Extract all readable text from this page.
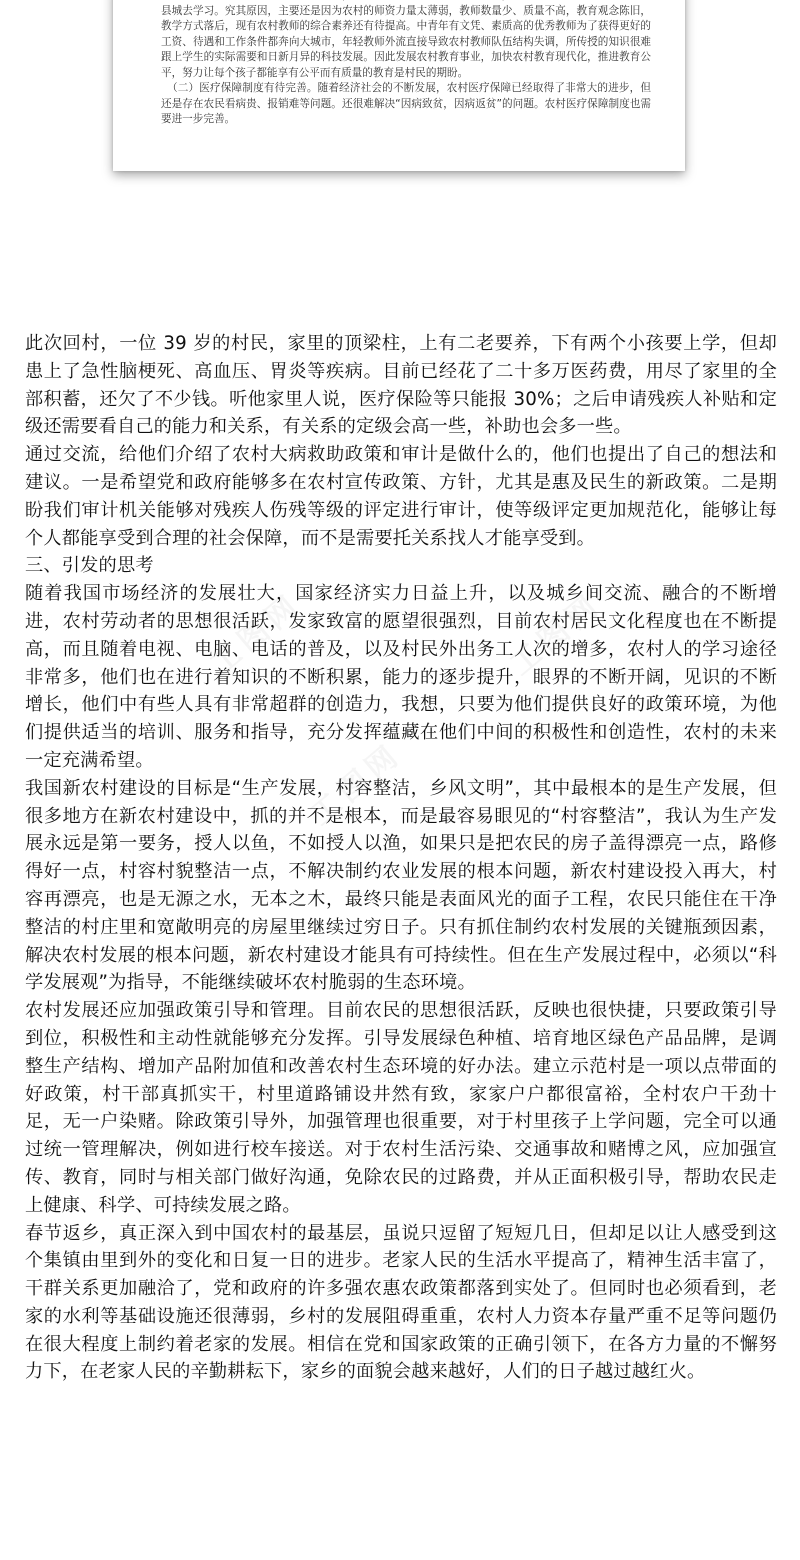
县城去学习。究其原因，主要还是因为农村的师资力量太薄弱，教师数量少、质量不高，教育观念陈旧，教学方式落后，现有农村教师的综合素养还有待提高。中青年有文凭、素质高的优秀教师为了获得更好的工资、待遇和工作条件都奔向大城市，年轻教师外流直接导致农村教师队伍结构失调，所传授的知识很难跟上学生的实际需要和日新月异的科技发展。因此发展农村教育事业，加快农村教育现代化，推进教育公平，努力让每个孩子都能享有公平而有质量的教育是村民的期盼。

（二）医疗保障制度有待完善。随着经济社会的不断发展，农村医疗保障已经取得了非常大的进步，但还是存在农民看病贵、报销难等问题。还很难解决“因病致贫，因病返贫”的问题。农村医疗保障制度也需要进一步完善。

工图网	工图网
工图网

此次回村，一位 39 岁的村民，家里的顶梁柱，上有二老要养，下有两个小孩要上学，但却患上了急性脑梗死、高血压、胃炎等疾病。目前已经花了二十多万医药费，用尽了家里的全部积蓄，还欠了不少钱。听他家里人说，医疗保险等只能报 30%；之后申请残疾人补贴和定级还需要看自己的能力和关系，有关系的定级会高一些，补助也会多一些。

通过交流，给他们介绍了农村大病救助政策和审计是做什么的，他们也提出了自己的想法和建议。一是希望党和政府能够多在农村宣传政策、方针，尤其是惠及民生的新政策。二是期盼我们审计机关能够对残疾人伤残等级的评定进行审计，使等级评定更加规范化，能够让每个人都能享受到合理的社会保障，而不是需要托关系找人才能享受到。

三、引发的思考

随着我国市场经济的发展壮大，国家经济实力日益上升，以及城乡间交流、融合的不断增进，农村劳动者的思想很活跃，发家致富的愿望很强烈，目前农村居民文化程度也在不断提高，而且随着电视、电脑、电话的普及，以及村民外出务工人次的增多，农村人的学习途径非常多，他们也在进行着知识的不断积累，能力的逐步提升，眼界的不断开阔，见识的不断增长，他们中有些人具有非常超群的创造力，我想，只要为他们提供良好的政策环境，为他们提供适当的培训、服务和指导，充分发挥蕴藏在他们中间的积极性和创造性，农村的未来一定充满希望。

我国新农村建设的目标是“生产发展，村容整洁，乡风文明”，其中最根本的是生产发展，但很多地方在新农村建设中，抓的并不是根本，而是最容易眼见的“村容整洁”，我认为生产发展永远是第一要务，授人以鱼，不如授人以渔，如果只是把农民的房子盖得漂亮一点，路修得好一点，村容村貌整洁一点，不解决制约农业发展的根本问题，新农村建设投入再大，村容再漂亮，也是无源之水，无本之木，最终只能是表面风光的面子工程，农民只能住在干净整洁的村庄里和宽敞明亮的房屋里继续过穷日子。只有抓住制约农村发展的关键瓶颈因素，解决农村发展的根本问题，新农村建设才能具有可持续性。但在生产发展过程中，必须以“科学发展观”为指导，不能继续破坏农村脆弱的生态环境。

农村发展还应加强政策引导和管理。目前农民的思想很活跃，反映也很快捷，只要政策引导到位，积极性和主动性就能够充分发挥。引导发展绿色种植、培育地区绿色产品品牌，是调整生产结构、增加产品附加值和改善农村生态环境的好办法。建立示范村是一项以点带面的好政策，村干部真抓实干，村里道路铺设井然有致，家家户户都很富裕，全村农户干劲十足，无一户染赌。除政策引导外，加强管理也很重要，对于村里孩子上学问题，完全可以通过统一管理解决，例如进行校车接送。对于农村生活污染、交通事故和赌博之风，应加强宣传、教育，同时与相关部门做好沟通，免除农民的过路费，并从正面积极引导，帮助农民走上健康、科学、可持续发展之路。

春节返乡，真正深入到中国农村的最基层，虽说只逗留了短短几日，但却足以让人感受到这个集镇由里到外的变化和日复一日的进步。老家人民的生活水平提高了，精神生活丰富了，干群关系更加融洽了，党和政府的许多强农惠农政策都落到实处了。但同时也必须看到，老家的水利等基础设施还很薄弱，乡村的发展阻碍重重，农村人力资本存量严重不足等问题仍在很大程度上制约着老家的发展。相信在党和国家政策的正确引领下，在各方力量的不懈努力下，在老家人民的辛勤耕耘下，家乡的面貌会越来越好，人们的日子越过越红火。
